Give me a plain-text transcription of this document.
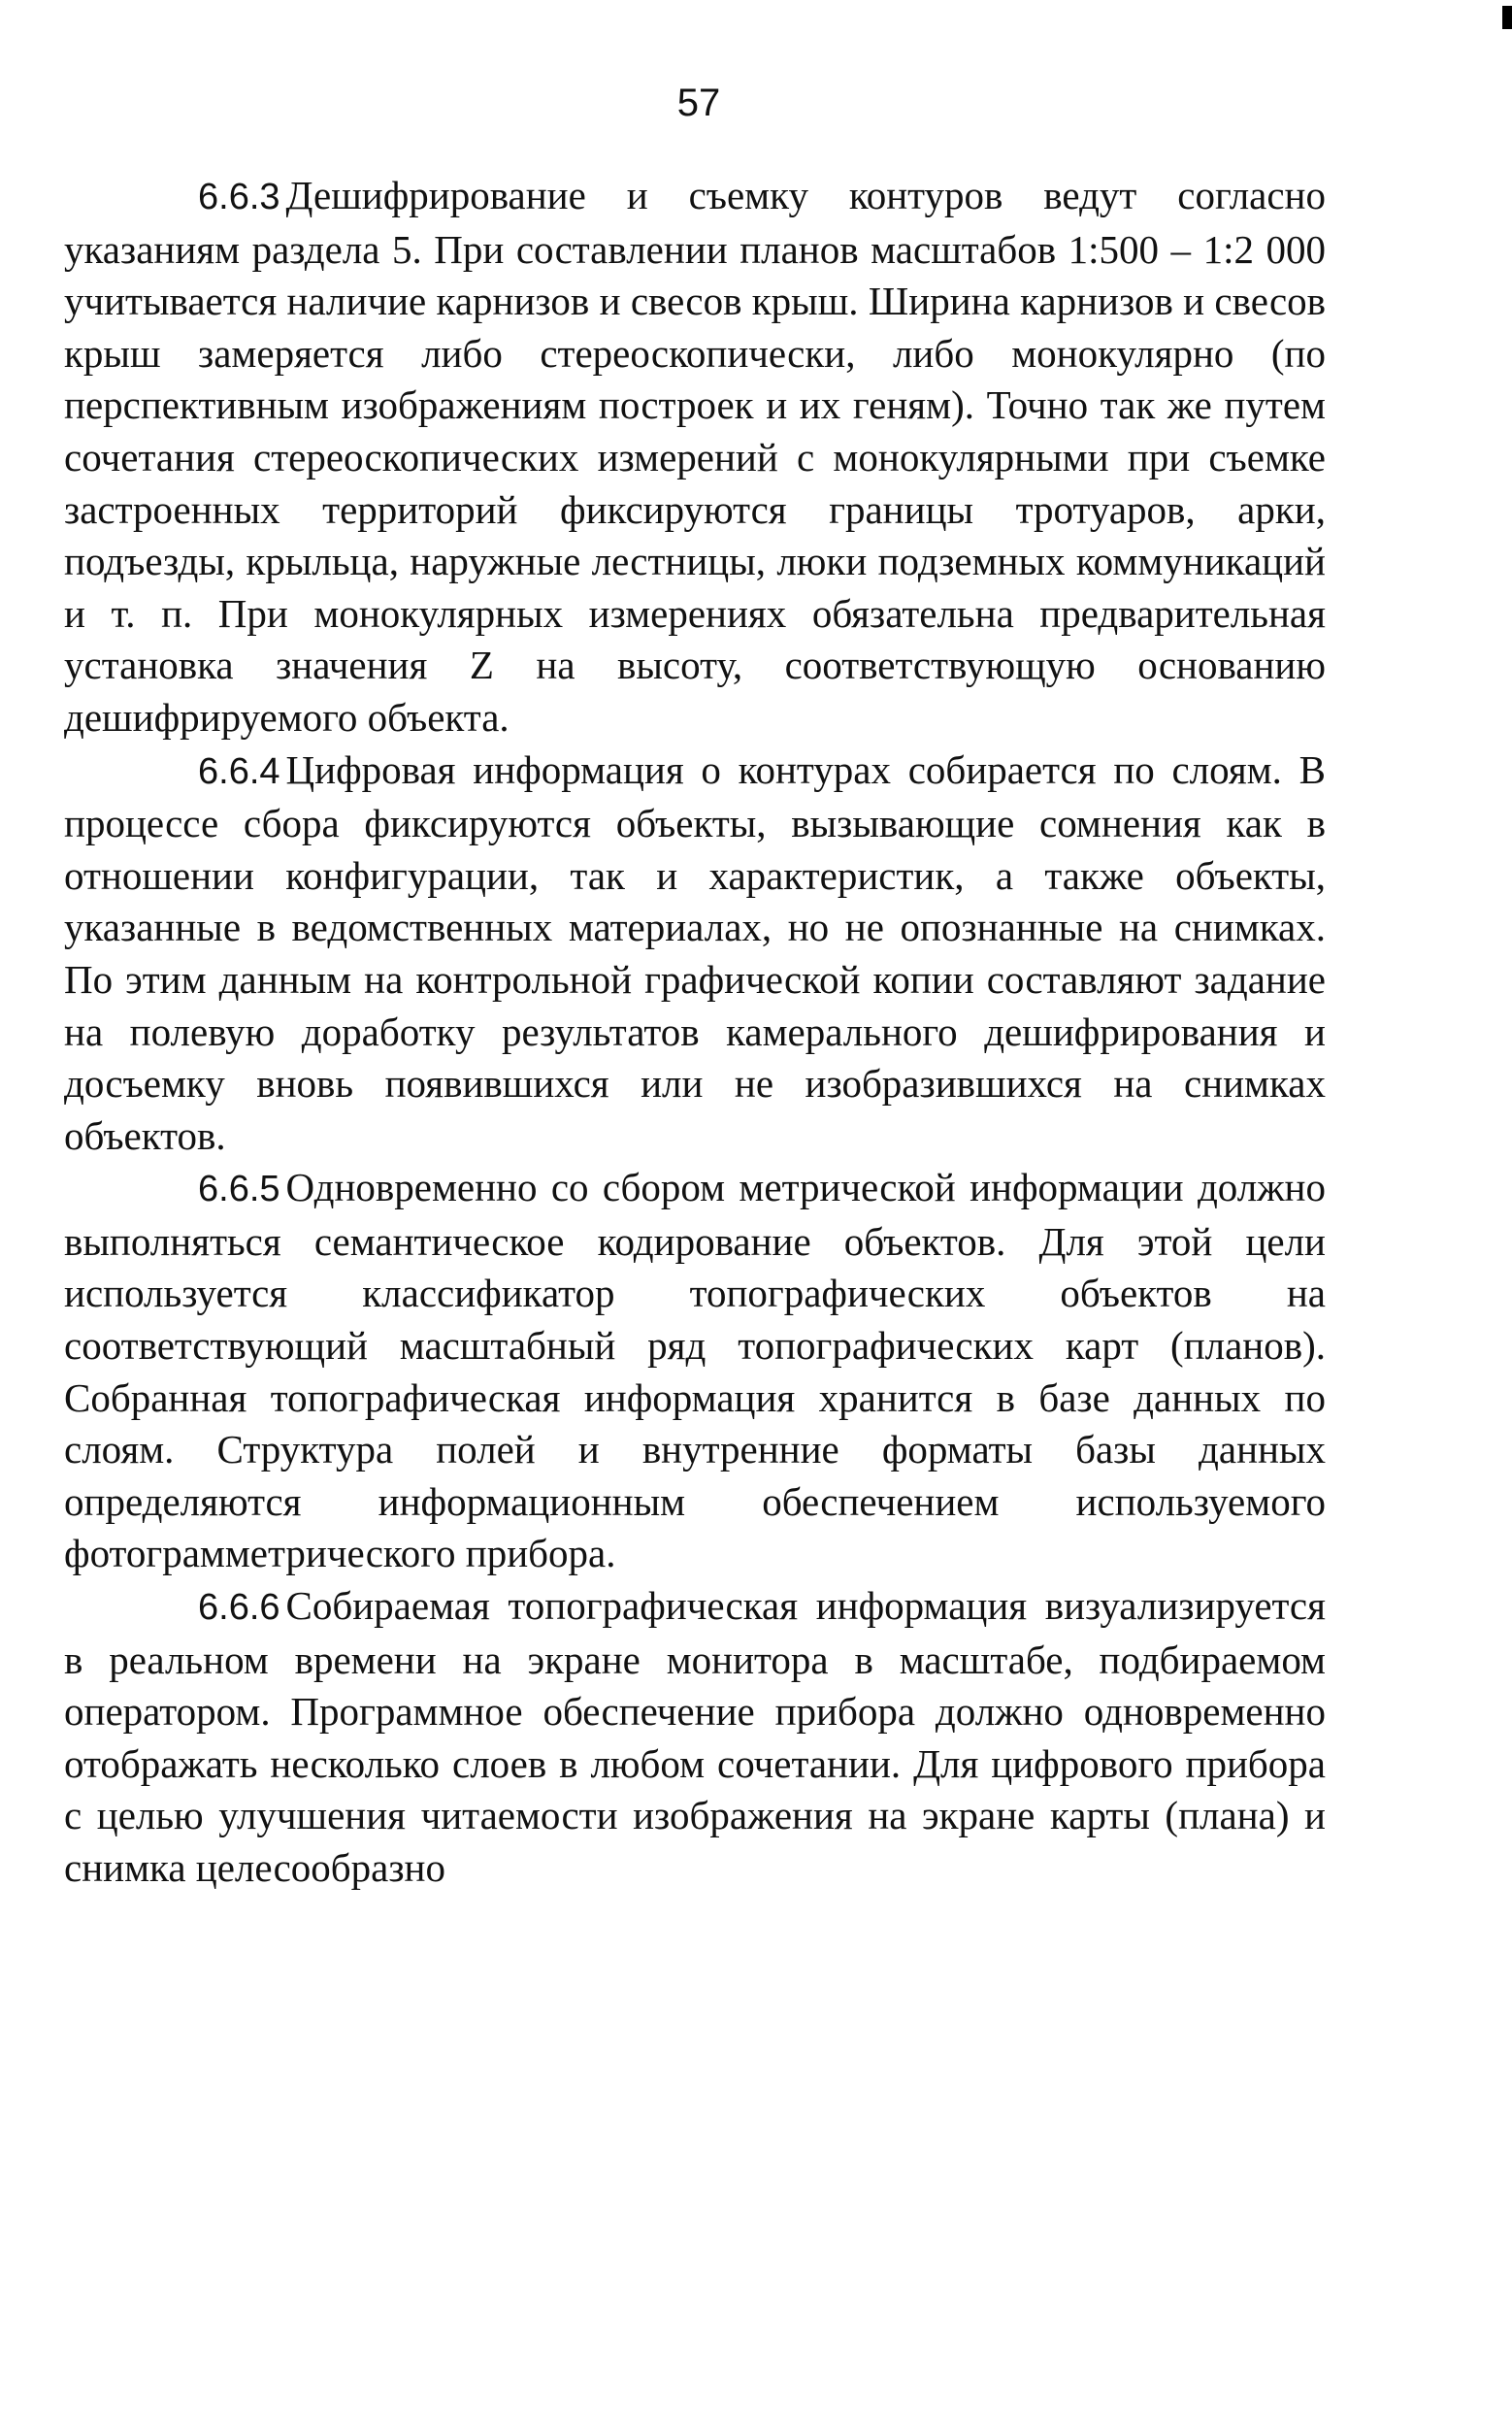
57

6.6.3 Дешифрирование и съемку контуров ведут согласно указаниям раздела 5. При составлении планов масштабов 1:500 – 1:2 000 учитывается наличие карнизов и свесов крыш. Ширина карнизов и свесов крыш замеряется либо стереоскопически, либо монокулярно (по перспективным изображениям построек и их геням). Точно так же путем сочетания стереоскопических измерений с монокулярными при съемке застроенных территорий фиксируются границы тротуаров, арки, подъезды, крыльца, наружные лестницы, люки подземных коммуникаций и т. п. При монокулярных измерениях обязательна предварительная установка значения Z на высоту, соответствующую основанию дешифрируемого объекта.

6.6.4 Цифровая информация о контурах собирается по слоям. В процессе сбора фиксируются объекты, вызывающие сомнения как в отношении конфигурации, так и характеристик, а также объекты, указанные в ведомственных материалах, но не опознанные на снимках. По этим данным на контрольной графической копии составляют задание на полевую доработку результатов камерального дешифрирования и досъемку вновь появившихся или не изобразившихся на снимках объектов.

6.6.5 Одновременно со сбором метрической информации должно выполняться семантическое кодирование объектов. Для этой цели используется классификатор топографических объектов на соответствующий масштабный ряд топографических карт (планов). Собранная топографическая информация хранится в базе данных по слоям. Структура полей и внутренние форматы базы данных определяются информационным обеспечением используемого фотограмметрического прибора.

6.6.6 Собираемая топографическая информация визуализируется в реальном времени на экране монитора в масштабе, подбираемом оператором. Программное обеспечение прибора должно одновременно отображать несколько слоев в любом сочетании. Для цифрового прибора с целью улучшения читаемости изображения на экране карты (плана) и снимка целесообразно
